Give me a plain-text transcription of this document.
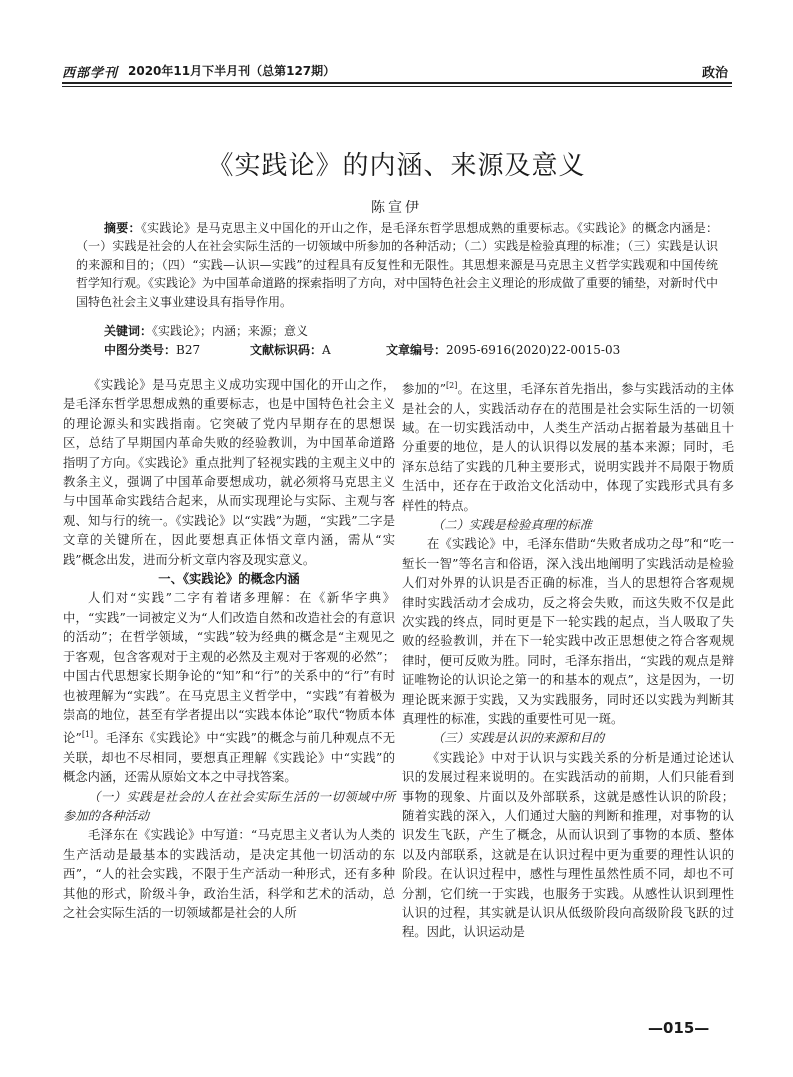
西部学刊 2020年11月下半月刊（总第127期）	政治
《实践论》的内涵、来源及意义
陈宣伊

摘要：《实践论》是马克思主义中国化的开山之作，是毛泽东哲学思想成熟的重要标志。《实践论》的概念内涵是：（一）实践是社会的人在社会实际生活的一切领域中所参加的各种活动；（二）实践是检验真理的标准；（三）实践是认识的来源和目的；（四）“实践—认识—实践”的过程具有反复性和无限性。其思想来源是马克思主义哲学实践观和中国传统哲学知行观。《实践论》为中国革命道路的探索指明了方向，对中国特色社会主义理论的形成做了重要的铺垫，对新时代中国特色社会主义事业建设具有指导作用。

关键词：《实践论》；内涵；来源；意义
中图分类号：B27	文献标识码：A	文章编号：2095-6916(2020)22-0015-03

《实践论》是马克思主义成功实现中国化的开山之作，是毛泽东哲学思想成熟的重要标志，也是中国特色社会主义的理论源头和实践指南。它突破了党内早期存在的思想误区，总结了早期国内革命失败的经验教训，为中国革命道路指明了方向。《实践论》重点批判了轻视实践的主观主义中的教条主义，强调了中国革命要想成功，就必须将马克思主义与中国革命实践结合起来，从而实现理论与实际、主观与客观、知与行的统一。《实践论》以“实践”为题，“实践”二字是文章的关键所在，因此要想真正体悟文章内涵，需从“实践”概念出发，进而分析文章内容及现实意义。

一、《实践论》的概念内涵

人们对“实践”二字有着诸多理解：在《新华字典》中，“实践”一词被定义为“人们改造自然和改造社会的有意识的活动”；在哲学领域，“实践”较为经典的概念是“主观见之于客观，包含客观对于主观的必然及主观对于客观的必然”；中国古代思想家长期争论的“知”和“行”的关系中的“行”有时也被理解为“实践”。在马克思主义哲学中，“实践”有着极为崇高的地位，甚至有学者提出以“实践本体论”取代“物质本体论”[1]。毛泽东《实践论》中“实践”的概念与前几种观点不无关联，却也不尽相同，要想真正理解《实践论》中“实践”的概念内涵，还需从原始文本之中寻找答案。

（一）实践是社会的人在社会实际生活的一切领域中所参加的各种活动

毛泽东在《实践论》中写道：“马克思主义者认为人类的生产活动是最基本的实践活动，是决定其他一切活动的东西”，“人的社会实践，不限于生产活动一种形式，还有多种其他的形式，阶级斗争，政治生活，科学和艺术的活动，总之社会实际生活的一切领域都是社会的人所

参加的”[2]。在这里，毛泽东首先指出，参与实践活动的主体是社会的人，实践活动存在的范围是社会实际生活的一切领域。在一切实践活动中，人类生产活动占据着最为基础且十分重要的地位，是人的认识得以发展的基本来源；同时，毛泽东总结了实践的几种主要形式，说明实践并不局限于物质生活中，还存在于政治文化活动中，体现了实践形式具有多样性的特点。

（二）实践是检验真理的标准

在《实践论》中，毛泽东借助“失败者成功之母”和“吃一堑长一智”等名言和俗语，深入浅出地阐明了实践活动是检验人们对外界的认识是否正确的标准，当人的思想符合客观规律时实践活动才会成功，反之将会失败，而这失败不仅是此次实践的终点，同时更是下一轮实践的起点，当人吸取了失败的经验教训，并在下一轮实践中改正思想使之符合客观规律时，便可反败为胜。同时，毛泽东指出，“实践的观点是辩证唯物论的认识论之第一的和基本的观点”，这是因为，一切理论既来源于实践，又为实践服务，同时还以实践为判断其真理性的标准，实践的重要性可见一斑。

（三）实践是认识的来源和目的

《实践论》中对于认识与实践关系的分析是通过论述认识的发展过程来说明的。在实践活动的前期，人们只能看到事物的现象、片面以及外部联系，这就是感性认识的阶段；随着实践的深入，人们通过大脑的判断和推理，对事物的认识发生飞跃，产生了概念，从而认识到了事物的本质、整体以及内部联系，这就是在认识过程中更为重要的理性认识的阶段。在认识过程中，感性与理性虽然性质不同，却也不可分割，它们统一于实践，也服务于实践。从感性认识到理性认识的过程，其实就是认识从低级阶段向高级阶段飞跃的过程。因此，认识运动是

—015—
